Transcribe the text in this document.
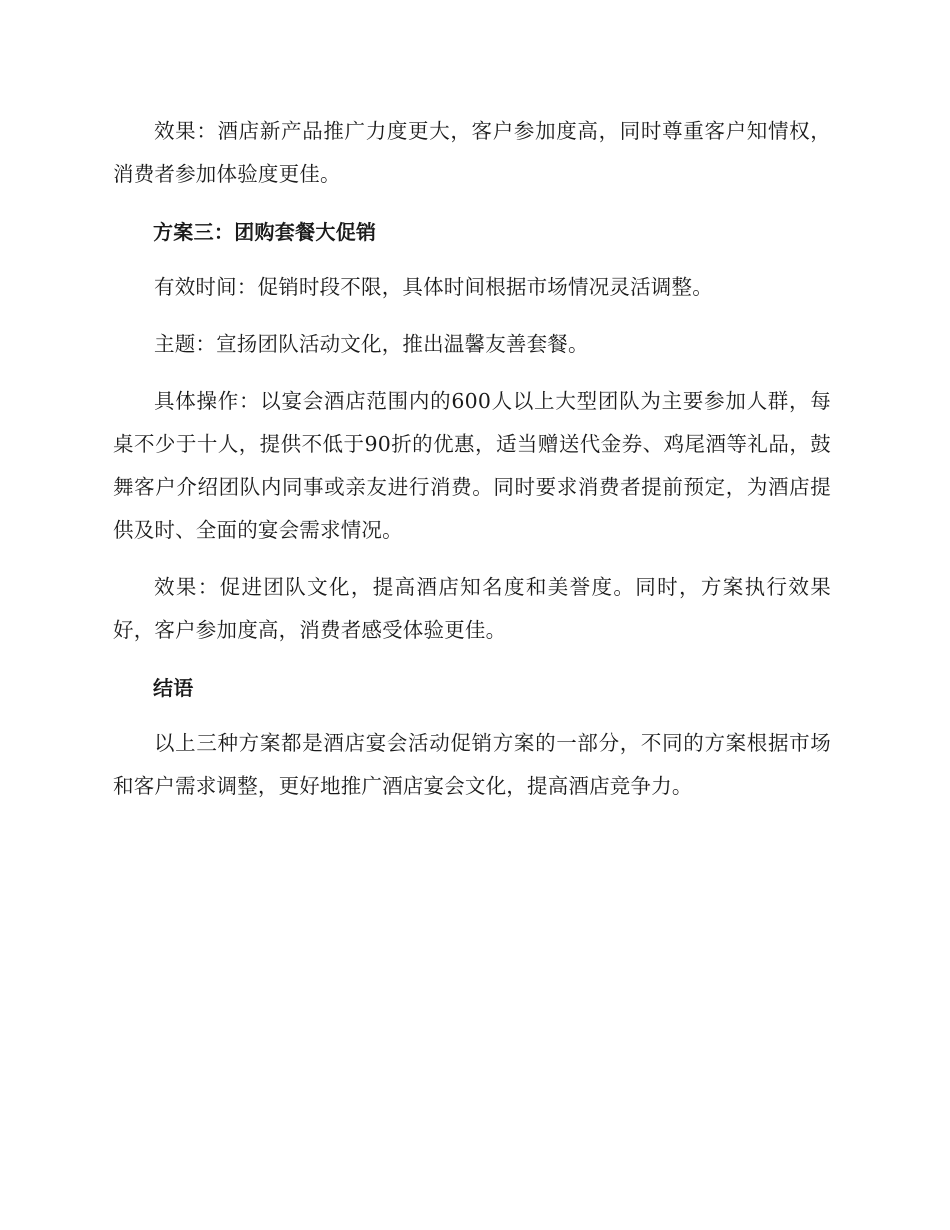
效果：酒店新产品推广力度更大，客户参加度高，同时尊重客户知情权，消费者参加体验度更佳。

方案三：团购套餐大促销

有效时间：促销时段不限，具体时间根据市场情况灵活调整。

主题：宣扬团队活动文化，推出温馨友善套餐。

具体操作：以宴会酒店范围内的600人以上大型团队为主要参加人群，每桌不少于十人，提供不低于90折的优惠，适当赠送代金券、鸡尾酒等礼品，鼓舞客户介绍团队内同事或亲友进行消费。同时要求消费者提前预定，为酒店提供及时、全面的宴会需求情况。

效果：促进团队文化，提高酒店知名度和美誉度。同时，方案执行效果好，客户参加度高，消费者感受体验更佳。

结语

以上三种方案都是酒店宴会活动促销方案的一部分，不同的方案根据市场和客户需求调整，更好地推广酒店宴会文化，提高酒店竞争力。
